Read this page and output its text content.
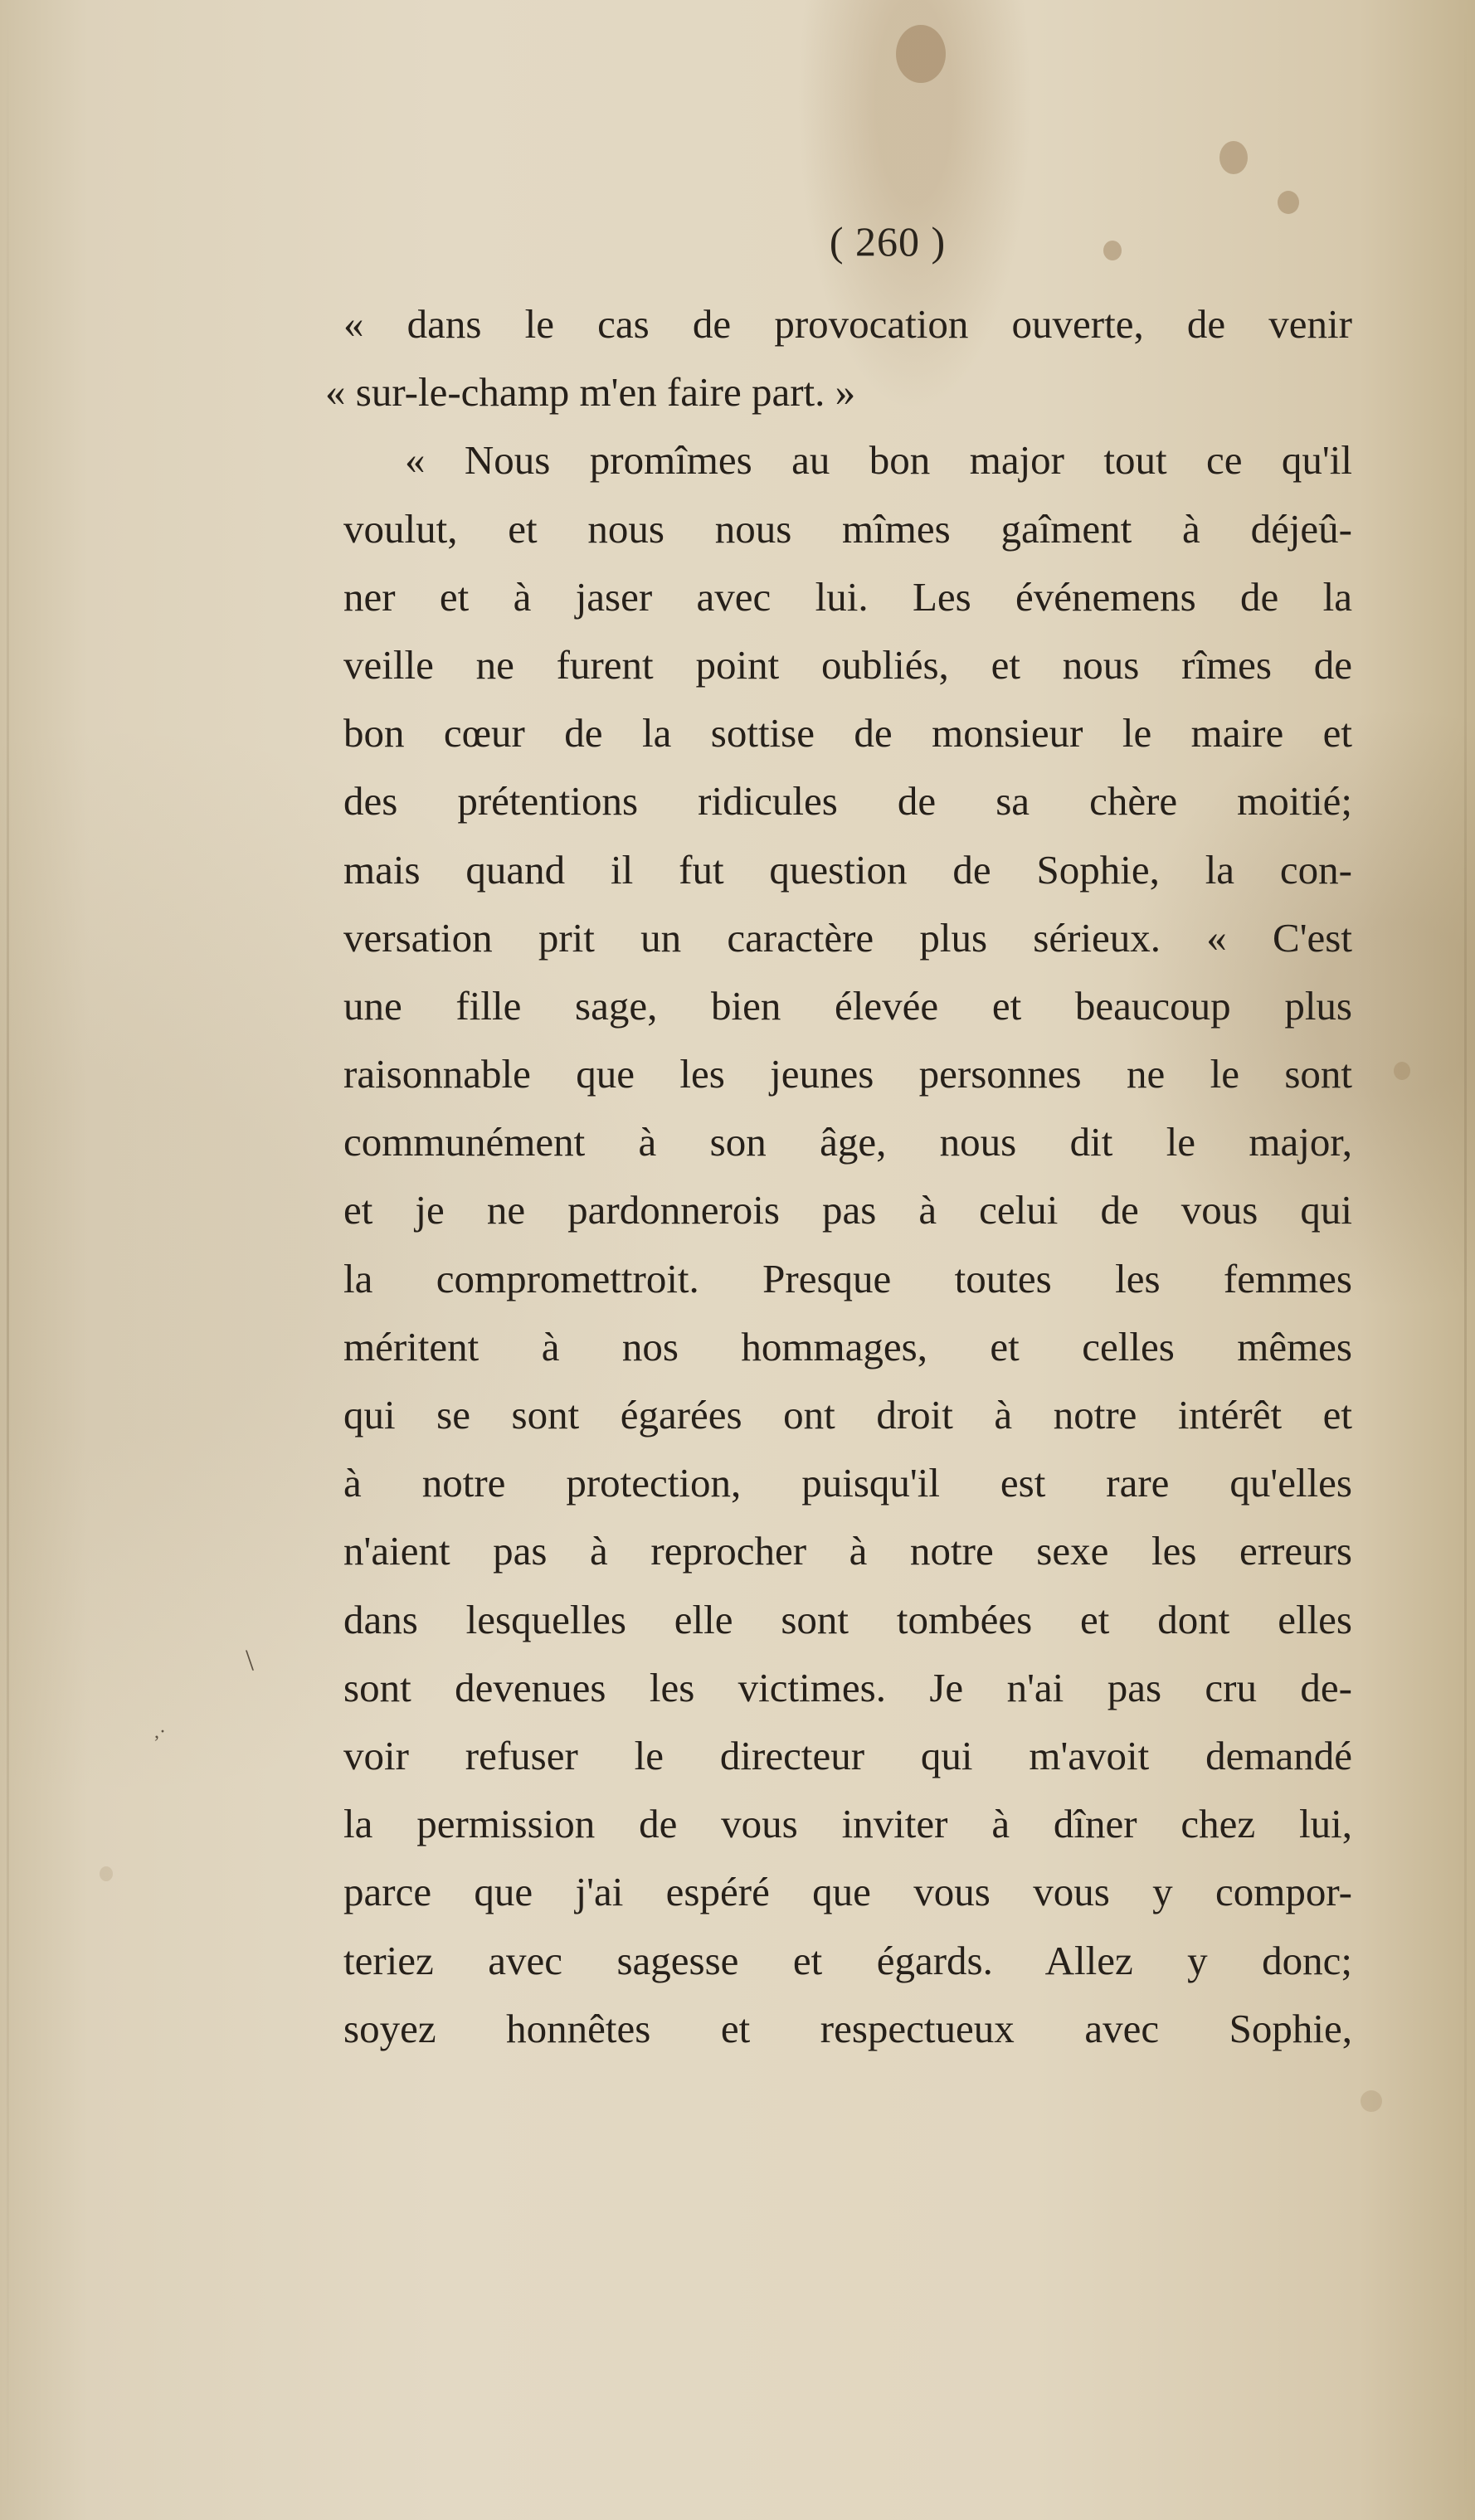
\
,·
( 260 )
« dans le cas de provocation ouverte, de venir
« sur-le-champ m'en faire part. »
« Nous promîmes au bon major tout ce qu'il
voulut, et nous nous mîmes gaîment à déjeû-
ner et à jaser avec lui. Les événemens de la
veille ne furent point oubliés, et nous rîmes de
bon cœur de la sottise de monsieur le maire et
des prétentions ridicules de sa chère moitié;
mais quand il fut question de Sophie, la con-
versation prit un caractère plus sérieux. « C'est
une fille sage, bien élevée et beaucoup plus
raisonnable que les jeunes personnes ne le sont
communément à son âge, nous dit le major,
et je ne pardonnerois pas à celui de vous qui
la compromettroit. Presque toutes les femmes
méritent à nos hommages, et celles mêmes
qui se sont égarées ont droit à notre intérêt et
à notre protection, puisqu'il est rare qu'elles
n'aient pas à reprocher à notre sexe les erreurs
dans lesquelles elle sont tombées et dont elles
sont devenues les victimes. Je n'ai pas cru de-
voir refuser le directeur qui m'avoit demandé
la permission de vous inviter à dîner chez lui,
parce que j'ai espéré que vous vous y compor-
teriez avec sagesse et égards. Allez y donc;
soyez honnêtes et respectueux avec Sophie,
